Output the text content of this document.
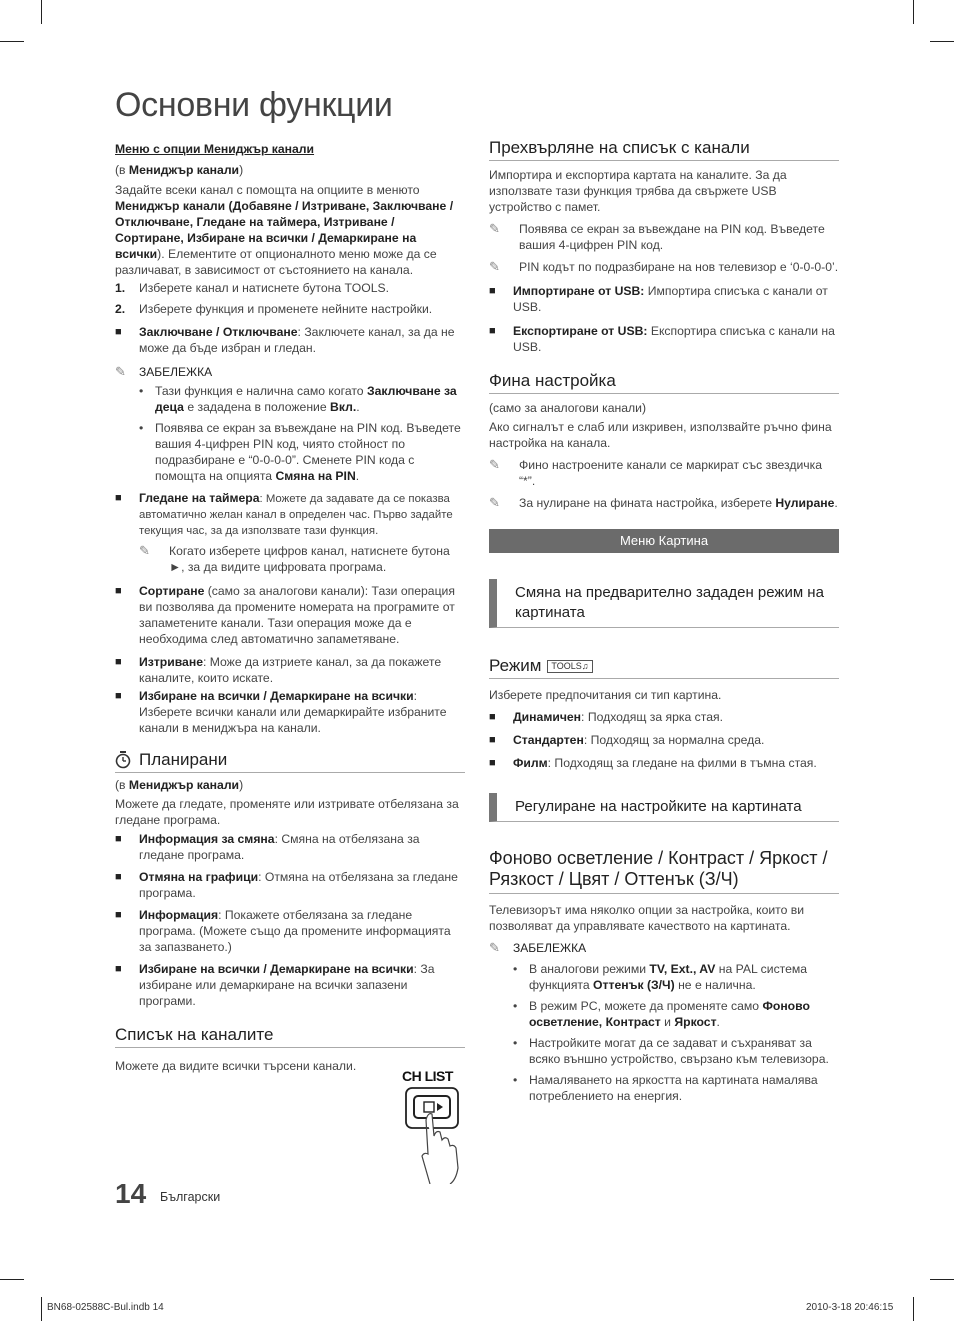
Основни функции
Меню с опции Мениджър канали

(в Мениджър канали)

Задайте всеки канал с помощта на опциите в менюто Мениджър канали (Добавяне / Изтриване, Заключване / Отключване, Гледане на таймера, Изтриване / Сортиране, Избиране на всички / Демаркиране на всички). Елементите от опционалното меню може да се различават, в зависимост от състоянието на канала.

1.	Изберете канал и натиснете бутона TOOLS.
2.	Изберете функция и променете нейните настройки.
■	Заключване / Отключване: Заключете канал, за да не може да бъде избран и гледан.
✎	ЗАБЕЛЕЖКА
• Тази функция е налична само когато Заключване за деца е зададена в положение Вкл..
• Появява се екран за въвеждане на PIN код. Въведете вашия 4-цифрен PIN код, чиято стойност по подразбиране е “0-0-0-0”. Сменете PIN кода с помощта на опцията Смяна на PIN.
■	Гледане на таймера: Можете да задавате да се показва автоматично желан канал в определен час. Първо задайте текущия час, за да използвате тази функция.
✎	Когато изберете цифров канал, натиснете бутона ►, за да видите цифровата програма.
■	Сортиране (само за аналогови канали): Тази операция ви позволява да промените номерата на програмите от запаметените канали. Тази операция може да е необходима след автоматично запаметяване.
■	Изтриване: Може да изтриете канал, за да покажете каналите, които искате.
■	Избиране на всички / Демаркиране на всички: Изберете всички канали или демаркирайте избраните канали в мениджъра на канали.
Планирани

(в Мениджър канали)

Можете да гледате, променяте или изтривате отбелязана за гледане програма.

■	Информация за смяна: Смяна на отбелязана за гледане програма.
■	Отмяна на графици: Отмяна на отбелязана за гледане програма.
■	Информация: Покажете отбелязана за гледане програма. (Можете също да промените информацията за запазването.)
■	Избиране на всички / Демаркиране на всички: За избиране или демаркиране на всички запазени програми.
Списък на каналите

Можете да видите всички търсени канали.

CH LIST
Прехвърляне на списък с канали

Импортира и експортира картата на каналите. За да използвате тази функция трябва да свържете USB устройство с памет.

✎	Появява се екран за въвеждане на PIN код. Въведете вашия 4-цифрен PIN код.
✎	PIN кодът по подразбиране на нов телевизор е ‘0-0-0-0’.
■	Импортиране от USB: Импортира списъка с канали от USB.
■	Експортиране от USB: Експортира списъка с канали на USB.
Фина настройка

(само за аналогови канали)

Ако сигналът е слаб или изкривен, използвайте ръчно фина настройка на канала.

✎	Фино настроените канали се маркират със звездичка “*”.
✎	За нулиране на фината настройка, изберете Нулиране.
Меню Картина
Смяна на предварително зададен режим на картината
Режим TOOLS♫

Изберете предпочитания си тип картина.

■	Динамичен: Подходящ за ярка стая.
■	Стандартен: Подходящ за нормална среда.
■	Филм: Подходящ за гледане на филми в тъмна стая.
Регулиране на настройките на картината
Фоново осветление / Контраст / Яркост / Рязкост / Цвят / Оттенък (З/Ч)

Телевизорът има няколко опции за настройка, които ви позволяват да управлявате качеството на картината.

✎	ЗАБЕЛЕЖКА
• В аналогови режими TV, Ext., AV на PAL система функцията Оттенък (З/Ч) не е налична.
• В режим PC, можете да променяте само Фоново осветление, Контраст и Яркост.
• Настройките могат да се задават и съхраняват за всяко външно устройство, свързано към телевизора.
• Намаляването на яркостта на картината намалява потреблението на енергия.
14 Български
BN68-02588C-Bul.indb 14	2010-3-18 20:46:15
